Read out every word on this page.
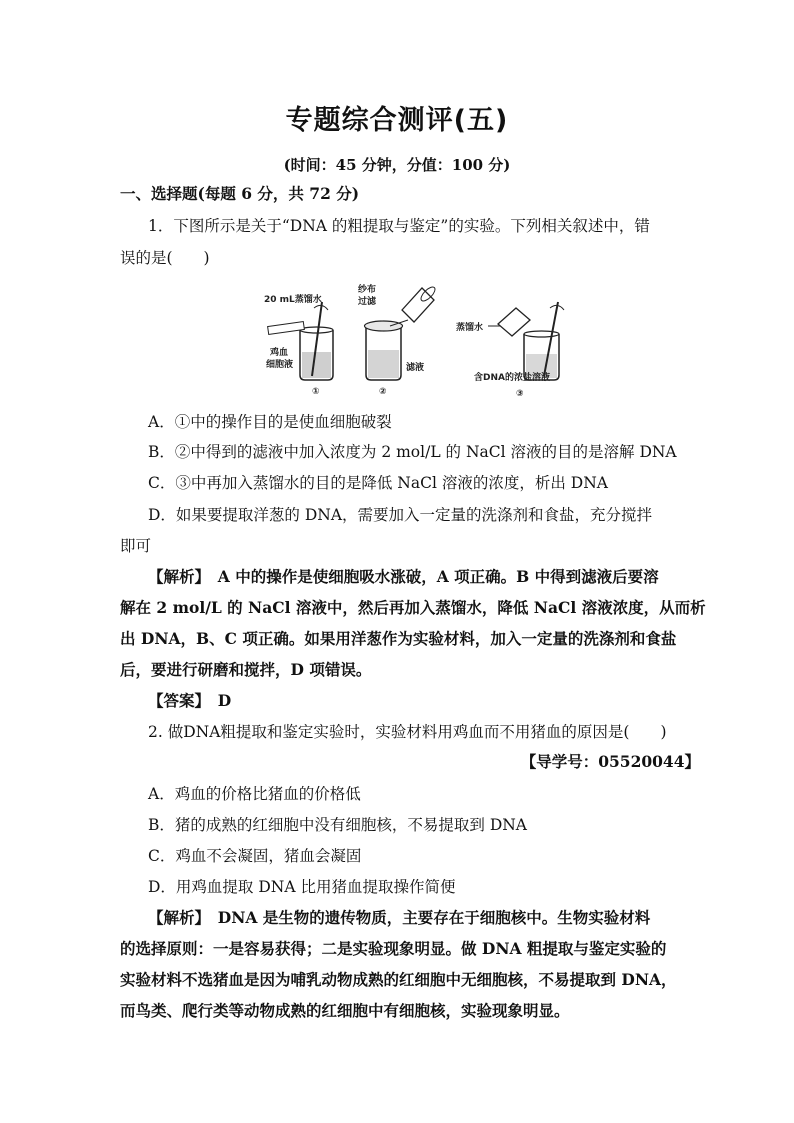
专题综合测评(五)
(时间：45 分钟，分值：100 分)
一、选择题(每题 6 分，共 72 分)
1．下图所示是关于“DNA 的粗提取与鉴定”的实验。下列相关叙述中，错
误的是(　　)
20 mL蒸馏水
鸡血
细胞液
①
纱布
过滤
滤液
②
蒸馏水
含DNA的浓盐溶液
③
A．①中的操作目的是使血细胞破裂
B．②中得到的滤液中加入浓度为 2 mol/L 的 NaCl 溶液的目的是溶解 DNA
C．③中再加入蒸馏水的目的是降低 NaCl 溶液的浓度，析出 DNA
D．如果要提取洋葱的 DNA，需要加入一定量的洗涤剂和食盐，充分搅拌
即可
【解析】　A 中的操作是使细胞吸水涨破，A 项正确。B 中得到滤液后要溶
解在 2 mol/L 的 NaCl 溶液中，然后再加入蒸馏水，降低 NaCl 溶液浓度，从而析
出 DNA，B、C 项正确。如果用洋葱作为实验材料，加入一定量的洗涤剂和食盐
后，要进行研磨和搅拌，D 项错误。
【答案】　D
2. 做DNA粗提取和鉴定实验时，实验材料用鸡血而不用猪血的原因是(　　)
【导学号：05520044】
A．鸡血的价格比猪血的价格低
B．猪的成熟的红细胞中没有细胞核，不易提取到 DNA
C．鸡血不会凝固，猪血会凝固
D．用鸡血提取 DNA 比用猪血提取操作简便
【解析】　DNA 是生物的遗传物质，主要存在于细胞核中。生物实验材料
的选择原则：一是容易获得；二是实验现象明显。做 DNA 粗提取与鉴定实验的
实验材料不选猪血是因为哺乳动物成熟的红细胞中无细胞核，不易提取到 DNA，
而鸟类、爬行类等动物成熟的红细胞中有细胞核，实验现象明显。
